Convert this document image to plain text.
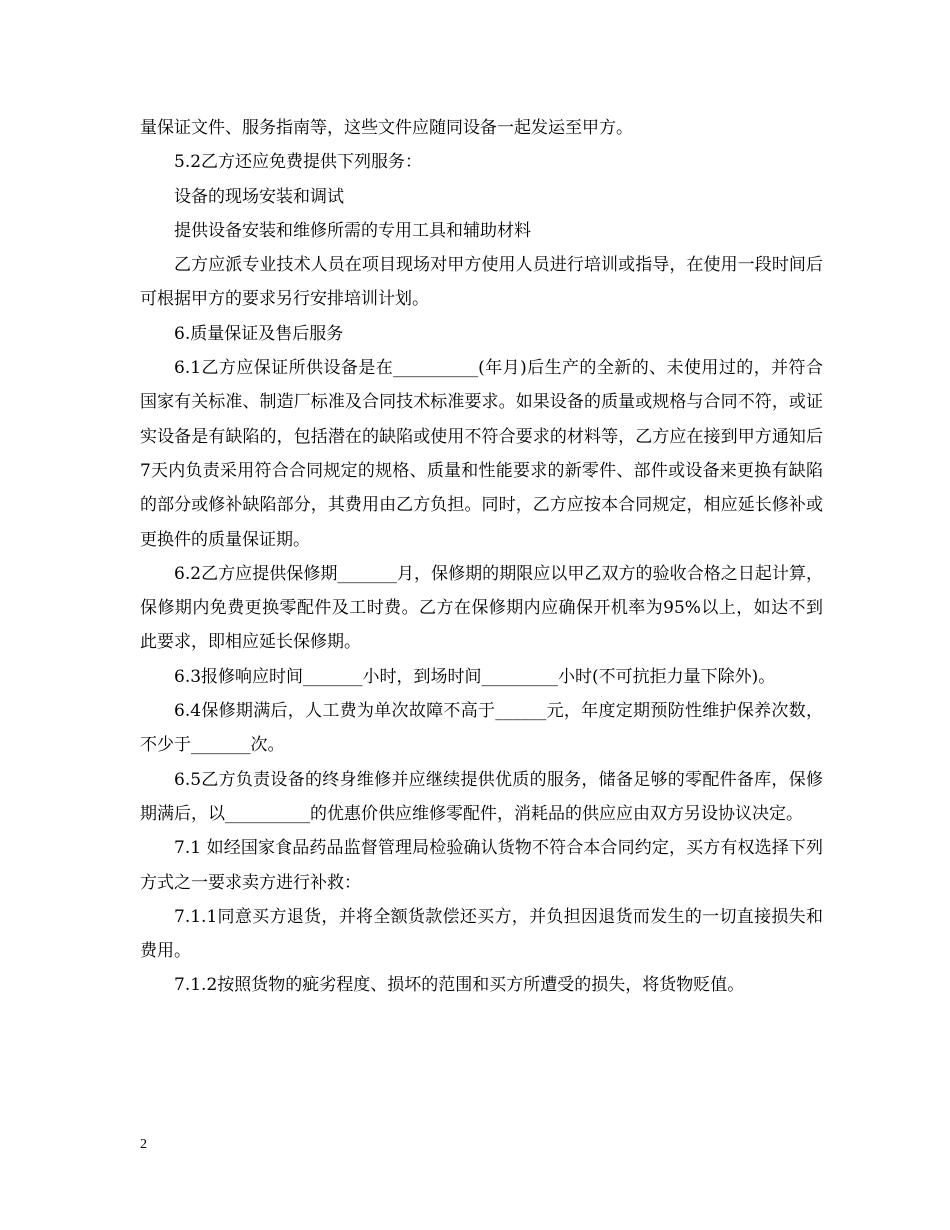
量保证文件、服务指南等，这些文件应随同设备一起发运至甲方。

5.2乙方还应免费提供下列服务：

设备的现场安装和调试

提供设备安装和维修所需的专用工具和辅助材料

乙方应派专业技术人员在项目现场对甲方使用人员进行培训或指导，在使用一段时间后可根据甲方的要求另行安排培训计划。

6.质量保证及售后服务

6.1乙方应保证所供设备是在__________(年月)后生产的全新的、未使用过的，并符合国家有关标准、制造厂标准及合同技术标准要求。如果设备的质量或规格与合同不符，或证实设备是有缺陷的，包括潜在的缺陷或使用不符合要求的材料等，乙方应在接到甲方通知后7天内负责采用符合合同规定的规格、质量和性能要求的新零件、部件或设备来更换有缺陷的部分或修补缺陷部分，其费用由乙方负担。同时，乙方应按本合同规定，相应延长修补或更换件的质量保证期。

6.2乙方应提供保修期_______月，保修期的期限应以甲乙双方的验收合格之日起计算，保修期内免费更换零配件及工时费。乙方在保修期内应确保开机率为95%以上，如达不到此要求，即相应延长保修期。

6.3报修响应时间_______小时，到场时间_________小时(不可抗拒力量下除外)。

6.4保修期满后，人工费为单次故障不高于______元，年度定期预防性维护保养次数，不少于_______次。

6.5乙方负责设备的终身维修并应继续提供优质的服务，储备足够的零配件备库，保修期满后，以__________的优惠价供应维修零配件，消耗品的供应应由双方另设协议决定。

7.1 如经国家食品药品监督管理局检验确认货物不符合本合同约定，买方有权选择下列方式之一要求卖方进行补救：

7.1.1同意买方退货，并将全额货款偿还买方，并负担因退货而发生的一切直接损失和费用。

7.1.2按照货物的疵劣程度、损坏的范围和买方所遭受的损失，将货物贬值。

2
